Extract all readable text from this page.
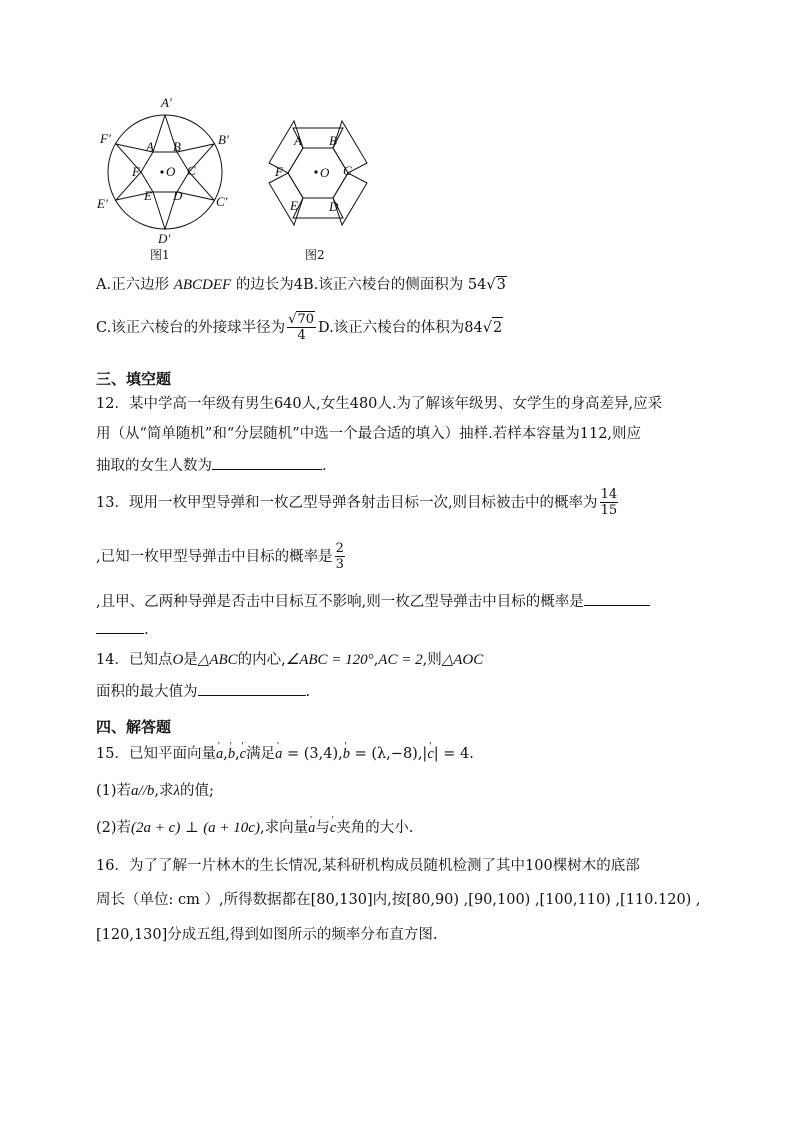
A′
B′
C′
D′
E′
F′
A B
C
D
E
F O
图1
A B
C
D
E
F	O
图2
A.正六边形 ABCDEF 的边长为4B.该正六棱台的侧面积为 54√3
C.该正六棱台的外接球半径为 $\frac{√70}{4} D$.该正六棱台的体积为 84 √ 2
三、填空题
12．某中学高一年级有男生640人,女生480人.为了解该年级男、女学生的身高差异,应采
用（从“简单随机”和“分层随机”中选一个最合适的填入）抽样.若样本容量为112,则应
抽取的女生人数为	.
13．现用一枚甲型导弹和一枚乙型导弹各射击目标一次,则目标被击中的概率为 $\frac{14}{15}$
,已知一枚甲型导弹击中目标的概率是 $\frac{2}{3}$
,且甲、乙两种导弹是否击中目标互不影响,则一枚乙型导弹击中目标的概率是
.
14．已知点O是△ABC的内心,∠ABC = 120°,AC = 2,则△AOC
面积的最大值为	.
四、解答题
15．已知平面向量' a,' b,' c满足' a = (3,4),' b = (λ,−8),|' c| = 4.
(1)若a//b,求λ的值;
(2)若(2a + c) ⊥ (a + 10c),求向量' a与' c夹角的大小.
16．为了了解一片林木的生长情况,某科研机构成员随机检测了其中100棵树木的底部
周长（单位: cm ）,所得数据都在[80,130]内,按[80,90) ,[90,100) ,[100,110) ,[110.120) ,
[120,130]分成五组,得到如图所示的频率分布直方图.
